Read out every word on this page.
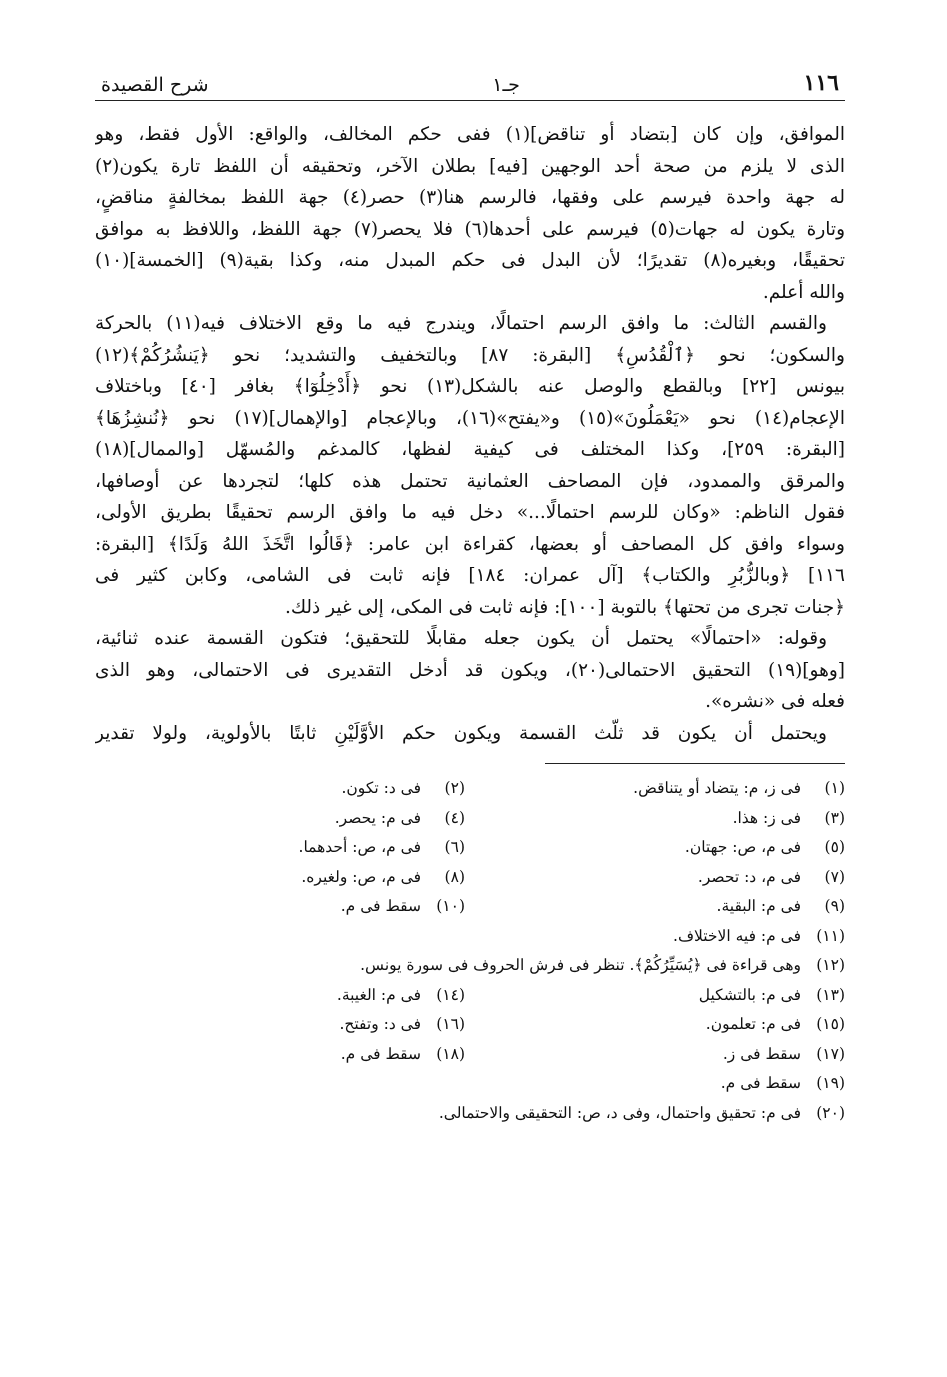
١١٦
جـ١
شرح القصيدة
الموافق، وإن كان [بتضاد أو تناقض](١) ففى حكم المخالف، والواقع: الأول فقط، وهو
الذى لا يلزم من صحة أحد الوجهين [فيه] بطلان الآخر، وتحقيقه أن اللفظ تارة يكون(٢)
له جهة واحدة فيرسم على وفقها، فالرسم هنا(٣) حصر(٤) جهة اللفظ بمخالفةٍ مناقضٍ،
وتارة يكون له جهات(٥) فيرسم على أحدها(٦) فلا يحصر(٧) جهة اللفظ، واللافظ به موافق
تحقيقًا، وبغيره(٨) تقديرًا؛ لأن البدل فى حكم المبدل منه، وكذا بقية(٩) [الخمسة](١٠)
والله أعلم.
والقسم الثالث: ما وافق الرسم احتمالًا، ويندرج فيه ما وقع الاختلاف فيه(١١) بالحركة
والسكون؛ نحو ﴿ٱلْقُدُسِ﴾ [البقرة: ٨٧] وبالتخفيف والتشديد؛ نحو ﴿يَنشُرُكُمْ﴾(١٢)
بيونس [٢٢] وبالقطع والوصل عنه بالشكل(١٣) نحو ﴿أَدْخِلُوٓا﴾ بغافر [٤٠] وباختلاف
الإعجام(١٤) نحو «يَعْمَلُونَ»(١٥) و«يفتح»(١٦)، وبالإعجام [والإهمال](١٧) نحو ﴿نُنشِزُهَا﴾
[البقرة: ٢٥٩]، وكذا المختلف فى كيفية لفظها، كالمدغم والمُسهّل [والممال](١٨)
والمرقق والممدود، فإن المصاحف العثمانية تحتمل هذه كلها؛ لتجردها عن أوصافها،
فقول الناظم: «وكان للرسم احتمالًا...» دخل فيه ما وافق الرسم تحقيقًا بطريق الأولى،
وسواء وافق كل المصاحف أو بعضها، كقراءة ابن عامر: ﴿قَالُوا اتَّخَذَ اللهُ وَلَدًا﴾ [البقرة:
١١٦] ﴿وبالزُّبُرِ والكتاب﴾ [آل عمران: ١٨٤] فإنه ثابت فى الشامى، وكابن كثير فى
﴿جنات تجرى من تحتها﴾ بالتوبة [١٠٠]: فإنه ثابت فى المكى، إلى غير ذلك.
وقوله: «احتمالًا» يحتمل أن يكون جعله مقابلًا للتحقيق؛ فتكون القسمة عنده ثنائية،
[وهو](١٩) التحقيق الاحتمالى(٢٠)، ويكون قد أدخل التقديرى فى الاحتمالى، وهو الذى
فعله فى «نشره».
ويحتمل أن يكون قد ثلّث القسمة ويكون حكم الأوَّلَيْنِ ثابتًا بالأولوية، ولولا تقدير
(١)فى ز، م: يتضاد أو يتناقض.
(٢)فى د: تكون.
(٣)فى ز: هذا.
(٤)فى م: يحصر.
(٥)فى م، ص: جهتان.
(٦)فى م، ص: أحدهما.
(٧)فى م، د: تحصر.
(٨)فى م، ص: ولغيره.
(٩)فى م: البقية.
(١٠)سقط فى م.
(١١)فى م: فيه الاختلاف.
(١٢)وهى قراءة فى ﴿يُسَيِّرُكُمْ﴾. تنظر فى فرش الحروف فى سورة يونس.
(١٣)فى م: بالتشكيل
(١٤)فى م: الغيبة.
(١٥)فى م: تعلمون.
(١٦)فى د: وتفتح.
(١٧)سقط فى ز.
(١٨)سقط فى م.
(١٩)سقط فى م.
(٢٠)فى م: تحقيق واحتمال، وفى د، ص: التحقيقى والاحتمالى.
